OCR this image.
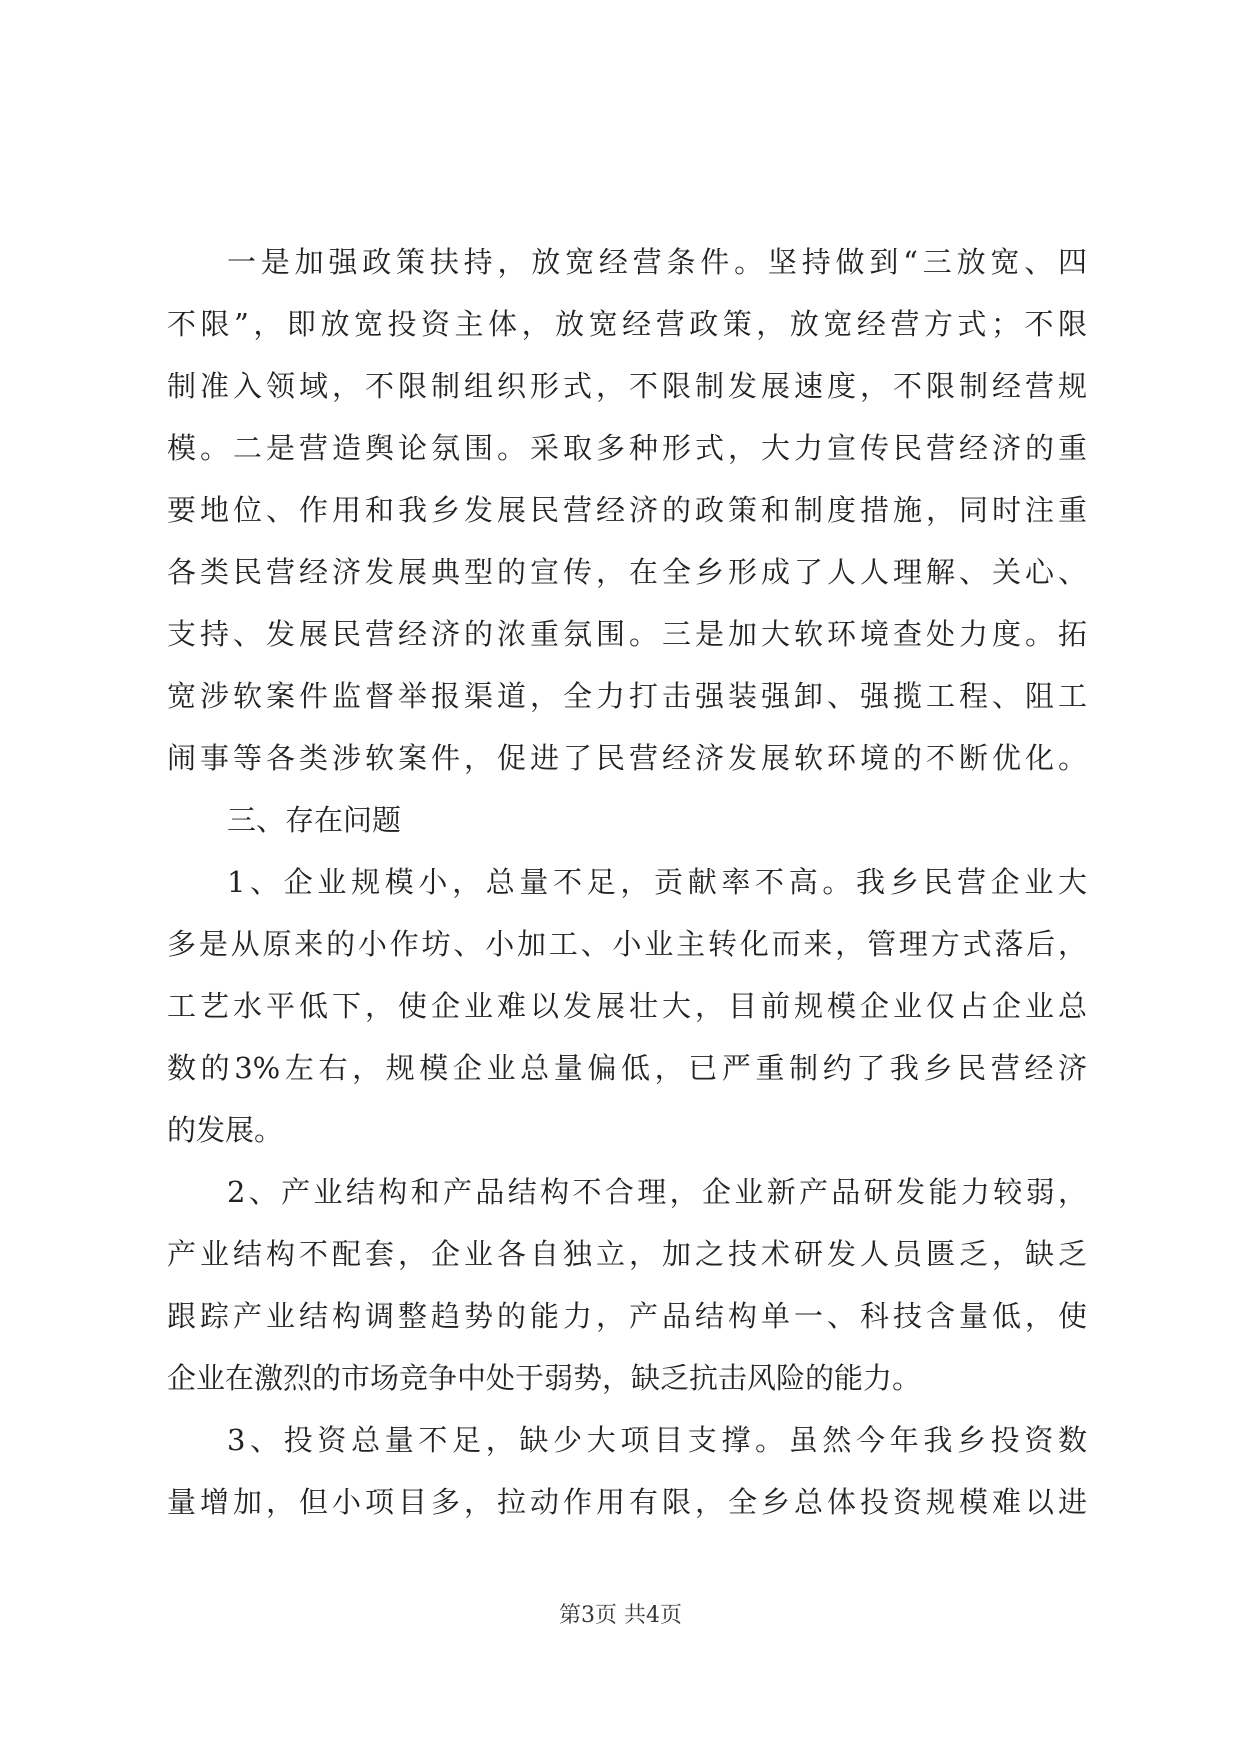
一是加强政策扶持，放宽经营条件。坚持做到“三放宽、四
不限”，即放宽投资主体，放宽经营政策，放宽经营方式；不限
制准入领域，不限制组织形式，不限制发展速度，不限制经营规
模。二是营造舆论氛围。采取多种形式，大力宣传民营经济的重
要地位、作用和我乡发展民营经济的政策和制度措施，同时注重
各类民营经济发展典型的宣传，在全乡形成了人人理解、关心、
支持、发展民营经济的浓重氛围。三是加大软环境查处力度。拓
宽涉软案件监督举报渠道，全力打击强装强卸、强揽工程、阻工
闹事等各类涉软案件，促进了民营经济发展软环境的不断优化。
三、存在问题
1、企业规模小，总量不足，贡献率不高。我乡民营企业大
多是从原来的小作坊、小加工、小业主转化而来，管理方式落后，
工艺水平低下，使企业难以发展壮大，目前规模企业仅占企业总
数的3%左右，规模企业总量偏低，已严重制约了我乡民营经济
的发展。
2、产业结构和产品结构不合理，企业新产品研发能力较弱，
产业结构不配套，企业各自独立，加之技术研发人员匮乏，缺乏
跟踪产业结构调整趋势的能力，产品结构单一、科技含量低，使
企业在激烈的市场竞争中处于弱势，缺乏抗击风险的能力。
3、投资总量不足，缺少大项目支撑。虽然今年我乡投资数
量增加，但小项目多，拉动作用有限，全乡总体投资规模难以进
第3页 共4页
